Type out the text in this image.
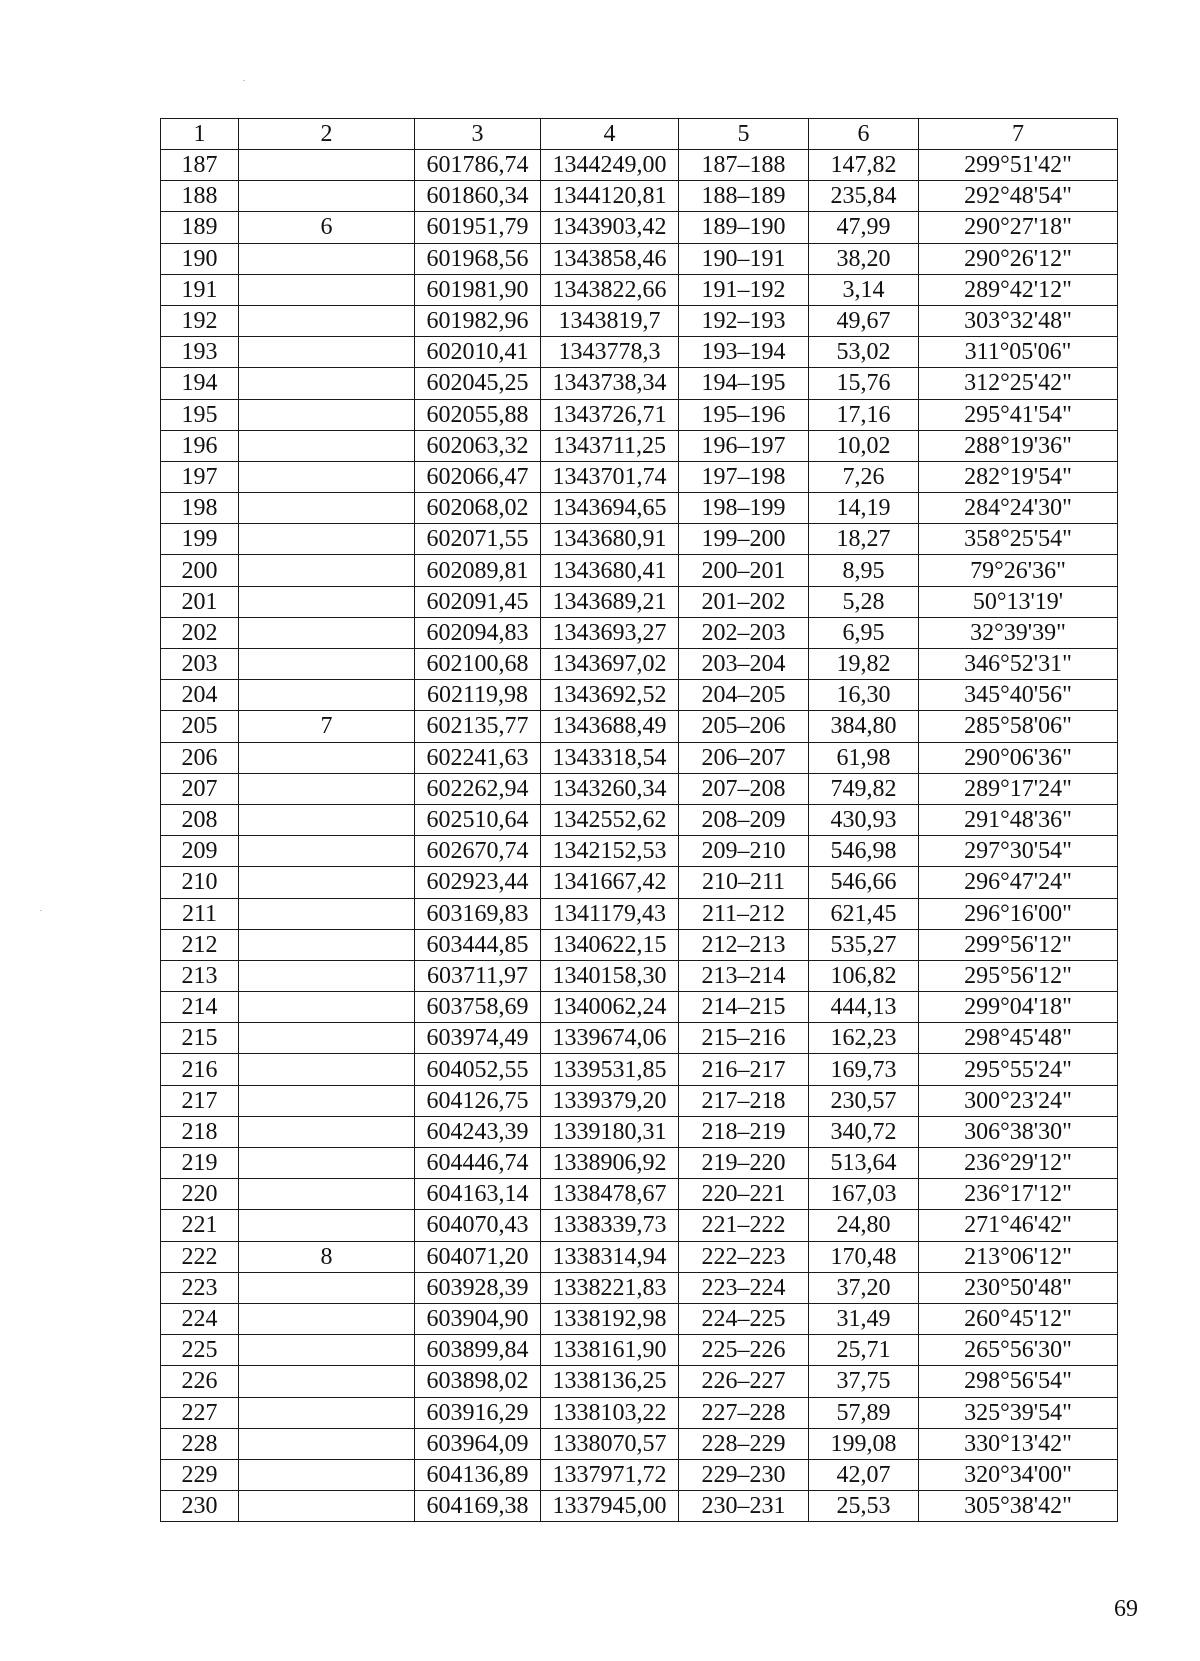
1	2	3	4	5	6	7
187		601786,74	1344249,00	187–188	147,82	299°51'42"
188		601860,34	1344120,81	188–189	235,84	292°48'54"
189	6	601951,79	1343903,42	189–190	47,99	290°27'18"
190		601968,56	1343858,46	190–191	38,20	290°26'12"
191		601981,90	1343822,66	191–192	3,14	289°42'12"
192		601982,96	1343819,7	192–193	49,67	303°32'48"
193		602010,41	1343778,3	193–194	53,02	311°05'06"
194		602045,25	1343738,34	194–195	15,76	312°25'42"
195		602055,88	1343726,71	195–196	17,16	295°41'54"
196		602063,32	1343711,25	196–197	10,02	288°19'36"
197		602066,47	1343701,74	197–198	7,26	282°19'54"
198		602068,02	1343694,65	198–199	14,19	284°24'30"
199		602071,55	1343680,91	199–200	18,27	358°25'54"
200		602089,81	1343680,41	200–201	8,95	79°26'36"
201		602091,45	1343689,21	201–202	5,28	50°13'19'
202		602094,83	1343693,27	202–203	6,95	32°39'39"
203		602100,68	1343697,02	203–204	19,82	346°52'31"
204		602119,98	1343692,52	204–205	16,30	345°40'56"
205	7	602135,77	1343688,49	205–206	384,80	285°58'06"
206		602241,63	1343318,54	206–207	61,98	290°06'36"
207		602262,94	1343260,34	207–208	749,82	289°17'24"
208		602510,64	1342552,62	208–209	430,93	291°48'36"
209		602670,74	1342152,53	209–210	546,98	297°30'54"
210		602923,44	1341667,42	210–211	546,66	296°47'24"
211		603169,83	1341179,43	211–212	621,45	296°16'00"
212		603444,85	1340622,15	212–213	535,27	299°56'12"
213		603711,97	1340158,30	213–214	106,82	295°56'12"
214		603758,69	1340062,24	214–215	444,13	299°04'18"
215		603974,49	1339674,06	215–216	162,23	298°45'48"
216		604052,55	1339531,85	216–217	169,73	295°55'24"
217		604126,75	1339379,20	217–218	230,57	300°23'24"
218		604243,39	1339180,31	218–219	340,72	306°38'30"
219		604446,74	1338906,92	219–220	513,64	236°29'12"
220		604163,14	1338478,67	220–221	167,03	236°17'12"
221		604070,43	1338339,73	221–222	24,80	271°46'42"
222	8	604071,20	1338314,94	222–223	170,48	213°06'12"
223		603928,39	1338221,83	223–224	37,20	230°50'48"
224		603904,90	1338192,98	224–225	31,49	260°45'12"
225		603899,84	1338161,90	225–226	25,71	265°56'30"
226		603898,02	1338136,25	226–227	37,75	298°56'54"
227		603916,29	1338103,22	227–228	57,89	325°39'54"
228		603964,09	1338070,57	228–229	199,08	330°13'42"
229		604136,89	1337971,72	229–230	42,07	320°34'00"
230		604169,38	1337945,00	230–231	25,53	305°38'42"
69
